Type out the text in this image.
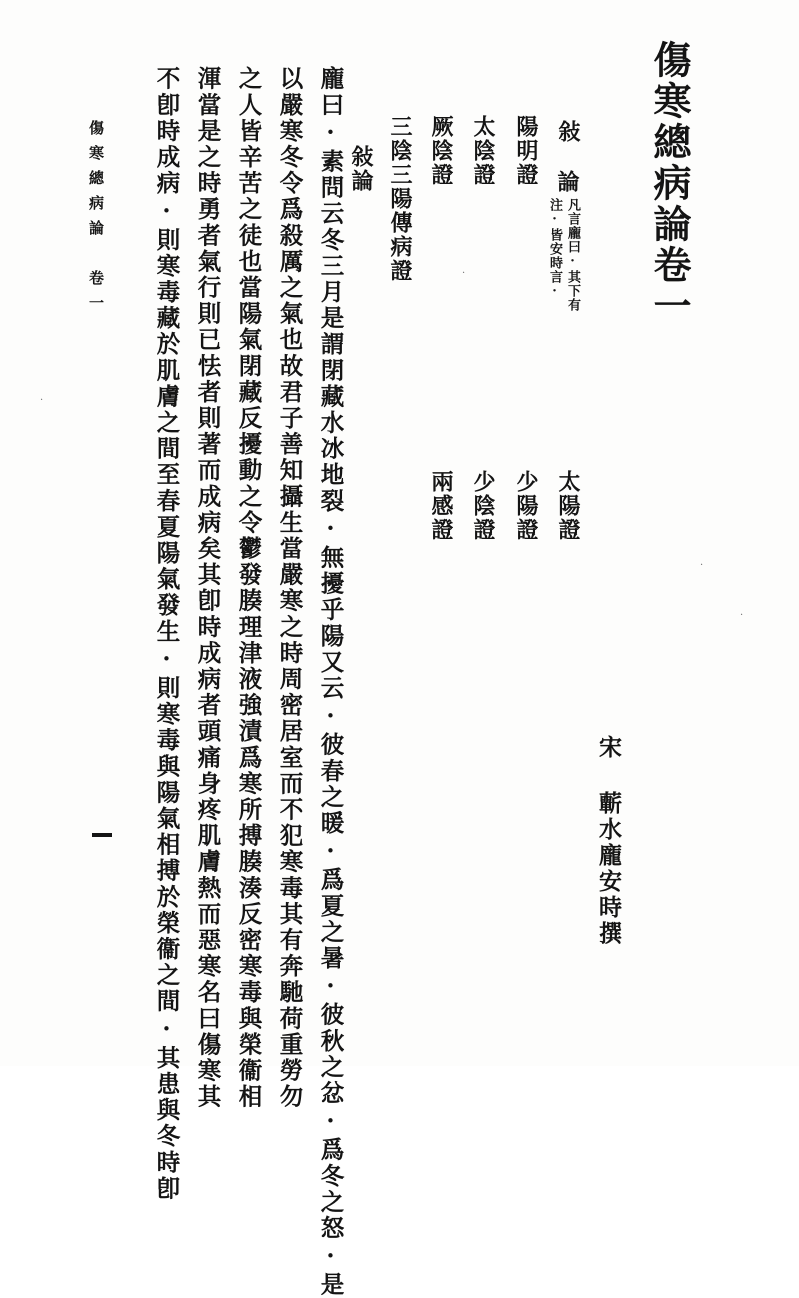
傷寒總病論卷一
宋 蘄水龐安時撰
敍
論
凡言龐曰·其下有
注·皆安時言·
陽明證
太陰證
厥陰證
三陰三陽傳病證
太陽證
少陽證
少陰證
兩感證
敍論

龐曰·素問云冬三月是謂閉藏水冰地裂·無擾乎陽又云·彼春之暖·爲夏之暑·彼秋之忿·爲冬之怒·是

以嚴寒冬令爲殺厲之氣也故君子善知攝生當嚴寒之時周密居室而不犯寒毒其有奔馳荷重勞勿

之人皆辛苦之徒也當陽氣閉藏反擾動之令鬱發腠理津液強漬爲寒所搏腠湊反密寒毒與榮衞相

渾當是之時勇者氣行則已怯者則著而成病矣其卽時成病者頭痛身疼肌膚熱而惡寒名曰傷寒其

不卽時成病·則寒毒藏於肌膚之間至春夏陽氣發生·則寒毒與陽氣相搏於榮衞之間·其患與冬時卽

傷寒總病論　卷一	·
·
·
·
